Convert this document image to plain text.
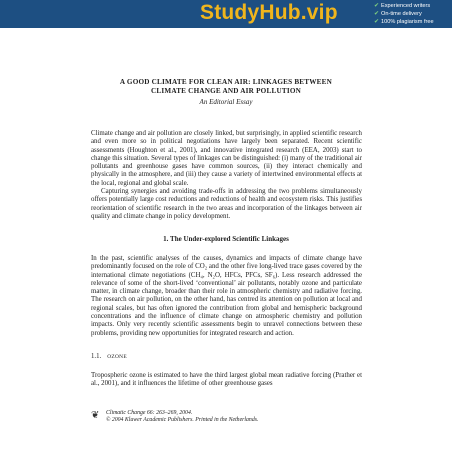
StudyHub.vip	✔ Experienced writers
✔ On-time delivery
✔ 100% plagiarism free
A GOOD CLIMATE FOR CLEAN AIR: LINKAGES BETWEEN
CLIMATE CHANGE AND AIR POLLUTION
An Editorial Essay

Climate change and air pollution are closely linked, but surprisingly, in applied scientific research and even more so in political negotiations have largely been separated. Recent scientific assessments (Houghton et al., 2001), and innovative integrated research (EEA, 2003) start to change this situation. Several types of linkages can be distinguished: (i) many of the traditional air pollutants and greenhouse gases have common sources, (ii) they interact chemically and physically in the atmosphere, and (iii) they cause a variety of intertwined environmental effects at the local, regional and global scale.

Capturing synergies and avoiding trade-offs in addressing the two problems simultaneously offers potentially large cost reductions and reductions of health and ecosystem risks. This justifies reorientation of scientific research in the two areas and incorporation of the linkages between air quality and climate change in policy development.

1. The Under-explored Scientific Linkages

In the past, scientific analyses of the causes, dynamics and impacts of climate change have predominantly focused on the role of CO₂ and the other five long-lived trace gases covered by the international climate negotiations (CH₄, N₂O, HFCs, PFCs, SF₆). Less research addressed the relevance of some of the short-lived ‘conventional’ air pollutants, notably ozone and particulate matter, in climate change, broader than their role in atmospheric chemistry and radiative forcing. The research on air pollution, on the other hand, has centred its attention on pollution at local and regional scales, but has often ignored the contribution from global and hemispheric background concentrations and the influence of climate change on atmospheric chemistry and pollution impacts. Only very recently scientific assessments begin to unravel connections between these problems, providing new opportunities for integrated research and action.

1.1. OZONE

Tropospheric ozone is estimated to have the third largest global mean radiative forcing (Prather et al., 2001), and it influences the lifetime of other greenhouse gases

❦ Climatic Change 66: 263–269, 2004.
© 2004 Kluwer Academic Publishers. Printed in the Netherlands.
